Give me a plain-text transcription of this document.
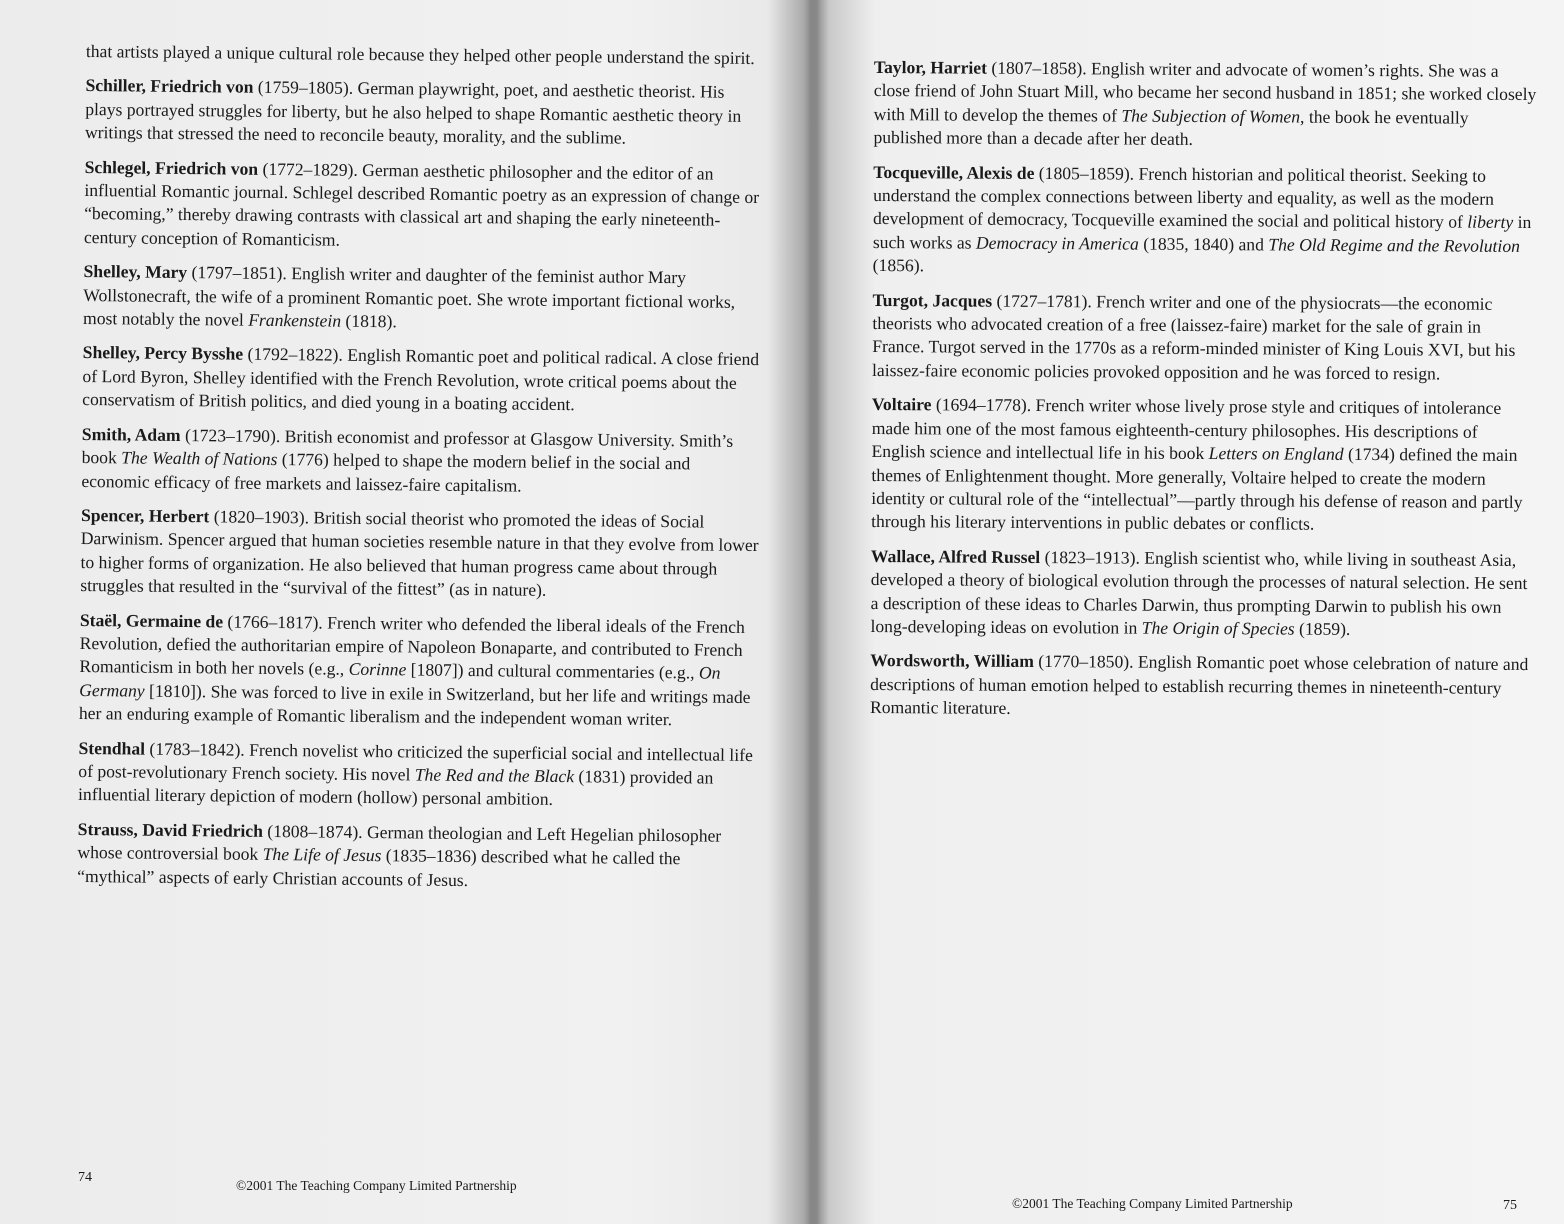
that artists played a unique cultural role because they helped other people understand the spirit.

Schiller, Friedrich von (1759–1805). German playwright, poet, and aesthetic theorist. His plays portrayed struggles for liberty, but he also helped to shape Romantic aesthetic theory in writings that stressed the need to reconcile beauty, morality, and the sublime.

Schlegel, Friedrich von (1772–1829). German aesthetic philosopher and the editor of an influential Romantic journal. Schlegel described Romantic poetry as an expression of change or “becoming,” thereby drawing contrasts with classical art and shaping the early nineteenth-century conception of Romanticism.

Shelley, Mary (1797–1851). English writer and daughter of the feminist author Mary Wollstonecraft, the wife of a prominent Romantic poet. She wrote important fictional works, most notably the novel Frankenstein (1818).

Shelley, Percy Bysshe (1792–1822). English Romantic poet and political radical. A close friend of Lord Byron, Shelley identified with the French Revolution, wrote critical poems about the conservatism of British politics, and died young in a boating accident.

Smith, Adam (1723–1790). British economist and professor at Glasgow University. Smith’s book The Wealth of Nations (1776) helped to shape the modern belief in the social and economic efficacy of free markets and laissez-faire capitalism.

Spencer, Herbert (1820–1903). British social theorist who promoted the ideas of Social Darwinism. Spencer argued that human societies resemble nature in that they evolve from lower to higher forms of organization. He also believed that human progress came about through struggles that resulted in the “survival of the fittest” (as in nature).

Staël, Germaine de (1766–1817). French writer who defended the liberal ideals of the French Revolution, defied the authoritarian empire of Napoleon Bonaparte, and contributed to French Romanticism in both her novels (e.g., Corinne [1807]) and cultural commentaries (e.g., On Germany [1810]). She was forced to live in exile in Switzerland, but her life and writings made her an enduring example of Romantic liberalism and the independent woman writer.

Stendhal (1783–1842). French novelist who criticized the superficial social and intellectual life of post-revolutionary French society. His novel The Red and the Black (1831) provided an influential literary depiction of modern (hollow) personal ambition.

Strauss, David Friedrich (1808–1874). German theologian and Left Hegelian philosopher whose controversial book The Life of Jesus (1835–1836) described what he called the “mythical” aspects of early Christian accounts of Jesus.

74
©2001 The Teaching Company Limited Partnership

Taylor, Harriet (1807–1858). English writer and advocate of women’s rights. She was a close friend of John Stuart Mill, who became her second husband in 1851; she worked closely with Mill to develop the themes of The Subjection of Women, the book he eventually published more than a decade after her death.

Tocqueville, Alexis de (1805–1859). French historian and political theorist. Seeking to understand the complex connections between liberty and equality, as well as the modern development of democracy, Tocqueville examined the social and political history of liberty in such works as Democracy in America (1835, 1840) and The Old Regime and the Revolution (1856).

Turgot, Jacques (1727–1781). French writer and one of the physiocrats—the economic theorists who advocated creation of a free (laissez-faire) market for the sale of grain in France. Turgot served in the 1770s as a reform-minded minister of King Louis XVI, but his laissez-faire economic policies provoked opposition and he was forced to resign.

Voltaire (1694–1778). French writer whose lively prose style and critiques of intolerance made him one of the most famous eighteenth-century philosophes. His descriptions of English science and intellectual life in his book Letters on England (1734) defined the main themes of Enlightenment thought. More generally, Voltaire helped to create the modern identity or cultural role of the “intellectual”—partly through his defense of reason and partly through his literary interventions in public debates or conflicts.

Wallace, Alfred Russel (1823–1913). English scientist who, while living in southeast Asia, developed a theory of biological evolution through the processes of natural selection. He sent a description of these ideas to Charles Darwin, thus prompting Darwin to publish his own long-developing ideas on evolution in The Origin of Species (1859).

Wordsworth, William (1770–1850). English Romantic poet whose celebration of nature and descriptions of human emotion helped to establish recurring themes in nineteenth-century Romantic literature.

©2001 The Teaching Company Limited Partnership	75
